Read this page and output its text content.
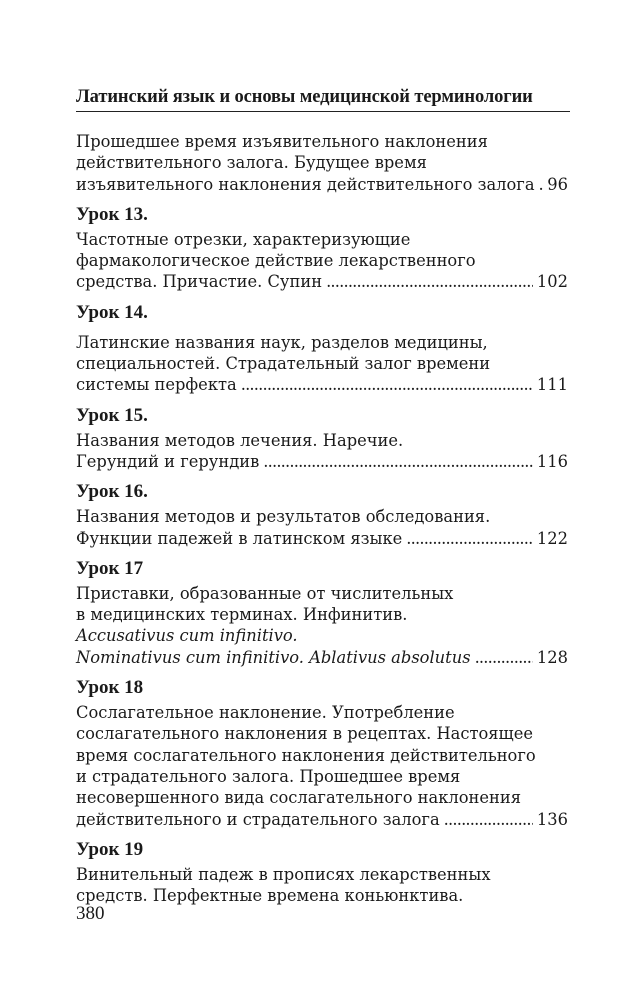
Латинский язык и основы медицинской терминологии
Прошедшее время изъявительного наклонения
действительного залога. Будущее время
изъявительного наклонения действительного залога . . . 96
Урок 13.
Частотные отрезки, характеризующие
фармакологическое действие лекарственного
средства. Причастие. Супин . . .	102
Урок 14.
Латинские названия наук, разделов медицины,
специальностей. Страдательный залог времени
системы перфекта . . .	111
Урок 15.
Названия методов лечения. Наречие.
Герундий и герундив . . .	116
Урок 16.
Названия методов и результатов обследования.
Функции падежей в латинском языке . . .	122
Урок 17
Приставки, образованные от числительных
в медицинских терминах. Инфинитив.
Accusativus cum infinitivo.
Nominativus cum infinitivo. Ablativus absolutus . . .	128
Урок 18
Сослагательное наклонение. Употребление
сослагательного наклонения в рецептах. Настоящее
время сослагательного наклонения действительного
и страдательного залога. Прошедшее время
несовершенного вида сослагательного наклонения
действительного и страдательного залога . . .	136
Урок 19
Винительный падеж в прописях лекарственных
средств. Перфектные времена коньюнктива.
380
